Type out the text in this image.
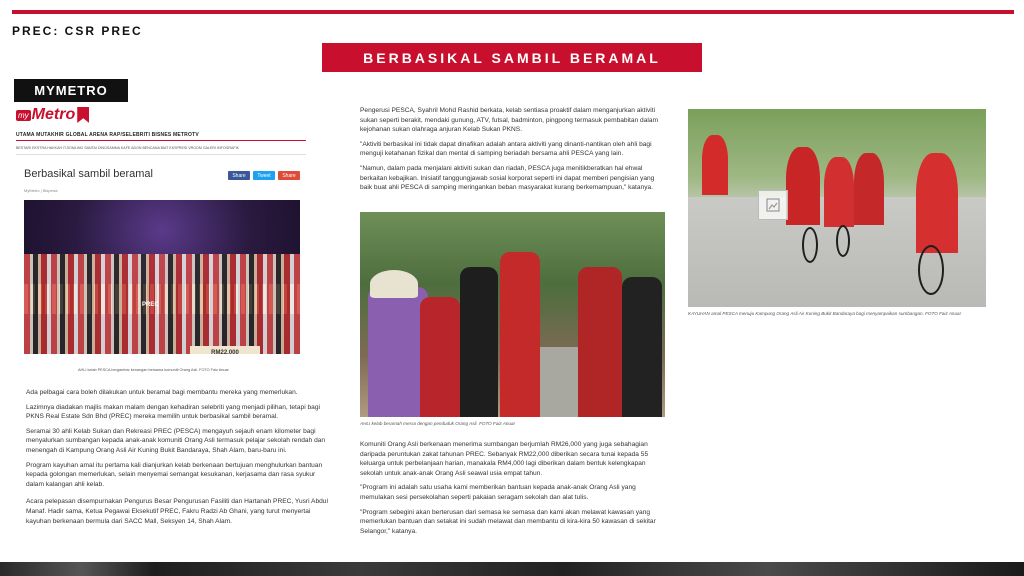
PREC: CSR PREC
BERBASIKAL SAMBIL BERAMAL
MYMETRO
my Metro
UTAMA MUTAKHIR GLOBAL ARENA RAP/SELEBRITI BISNES METROTV
BESTARI EKSTRA HAKKAH ITJIOMLING SANTAI DINOSAMMA KAFE ADON BENCANA BIAT EKSPRESI VROOM GALERI INFOGRAFIK
Berbasikal sambil beramal	Share	Tweet	Share
MyMetro | Bisperta
PREC
RM22,000
AHLI kelab PESCA bergambar kenangan bersama komuniti Orang Asli. FOTO Faiz Anuar

Ada pelbagai cara boleh dilakukan untuk beramal bagi membantu mereka yang memerlukan.

Lazimnya diadakan majlis makan malam dengan kehadiran selebriti yang menjadi pilihan, tetapi bagi PKNS Real Estate Sdn Bhd (PREC) mereka memilih untuk berbasikal sambil beramal.

Seramai 30 ahli Kelab Sukan dan Rekreasi PREC (PESCA) mengayuh sejauh enam kilometer bagi menyalurkan sumbangan kepada anak-anak komuniti Orang Asli termasuk pelajar sekolah rendah dan menengah di Kampung Orang Asli Air Kuning Bukit Bandaraya, Shah Alam, baru-baru ini.

Program kayuhan amal itu pertama kali dianjurkan kelab berkenaan bertujuan menghulurkan bantuan kepada golongan memerlukan, selain menyemai semangat kesukanan, kerjasama dan rasa syukur dalam kalangan ahli kelab.

Acara pelepasan disempurnakan Pengurus Besar Pengurusan Fasiliti dan Hartanah PREC, Yusri Abdul Manaf. Hadir sama, Ketua Pegawai Eksekutif PREC, Fakru Radzi Ab Ghani, yang turut menyertai kayuhan berkenaan bermula dari SACC Mall, Seksyen 14, Shah Alam.

Pengerusi PESCA, Syahril Mohd Rashid berkata, kelab sentiasa proaktif dalam menganjurkan aktiviti sukan seperti berakit, mendaki gunung, ATV, futsal, badminton, pingpong termasuk pembabitan dalam kejohanan sukan olahraga anjuran Kelab Sukan PKNS.

"Aktiviti berbasikal ini tidak dapat dinafikan adalah antara aktiviti yang dinanti-nantikan oleh ahli bagi menguji ketahanan fizikal dan mental di samping beriadah bersama ahli PESCA yang lain.

"Namun, dalam pada menjalani aktiviti sukan dan riadah, PESCA juga menitikberatkan hal ehwal berkaitan kebajikan. Inisiatif tanggungjawab sosial korporat seperti ini dapat memberi pengisian yang baik buat ahli PESCA di samping meringankan beban masyarakat kurang berkemampuan," katanya.

AHLI kelab beramah mesra dengan penduduk Orang Asli. FOTO Faiz Anuar

Komuniti Orang Asli berkenaan menerima sumbangan berjumlah RM26,000 yang juga sebahagian daripada peruntukan zakat tahunan PREC. Sebanyak RM22,000 diberikan secara tunai kepada 55 keluarga untuk perbelanjaan harian, manakala RM4,000 lagi diberikan dalam bentuk kelengkapan sekolah untuk anak-anak Orang Asli seawal usia empat tahun.

"Program ini adalah satu usaha kami memberikan bantuan kepada anak-anak Orang Asli yang memulakan sesi persekolahan seperti pakaian seragam sekolah dan alat tulis.

"Program sebegini akan berterusan dari semasa ke semasa dan kami akan melawat kawasan yang memerlukan bantuan dan setakat ini sudah melawat dan membantu di kira-kira 50 kawasan di sekitar Selangor," katanya.

KAYUHAN amal PESCA menuju Kampung Orang Asli Air Kuning Bukit Bandaraya bagi menyampaikan sumbangan. FOTO Faiz Anuar
